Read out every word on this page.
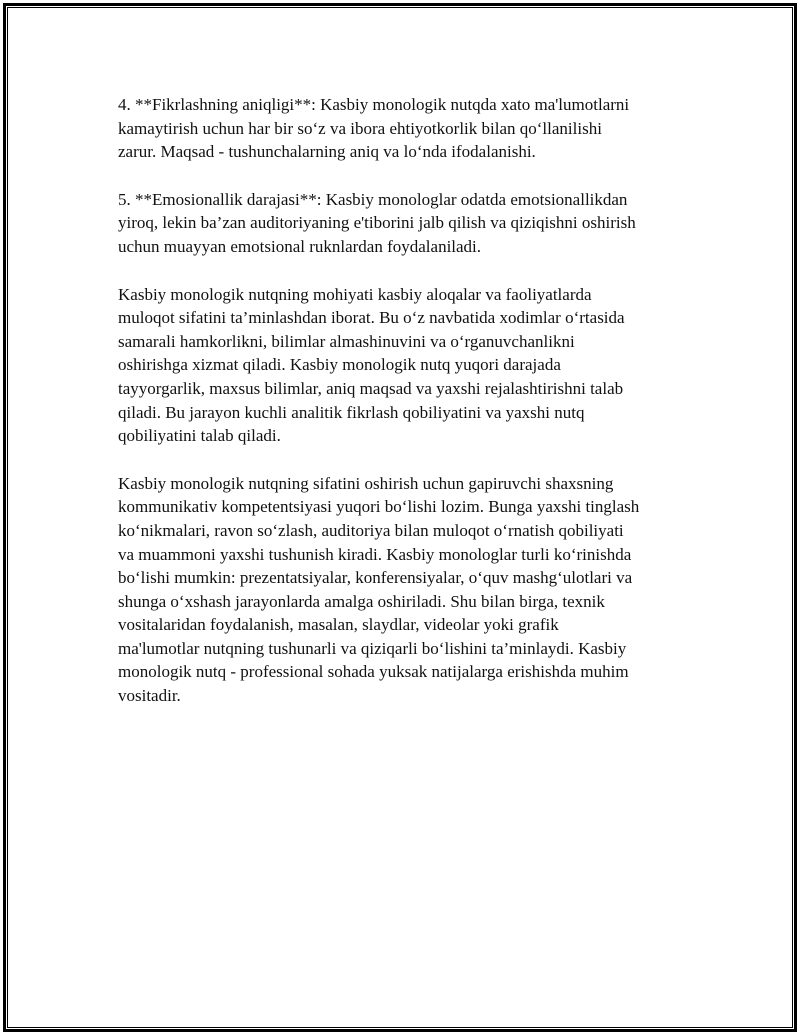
4. **Fikrlashning aniqligi**: Kasbiy monologik nutqda xato ma'lumotlarni
kamaytirish uchun har bir so‘z va ibora ehtiyotkorlik bilan qo‘llanilishi
zarur. Maqsad - tushunchalarning aniq va lo‘nda ifodalanishi.

5. **Emosionallik darajasi**: Kasbiy monologlar odatda emotsionallikdan
yiroq, lekin ba’zan auditoriyaning e'tiborini jalb qilish va qiziqishni oshirish
uchun muayyan emotsional ruknlardan foydalaniladi.

Kasbiy monologik nutqning mohiyati kasbiy aloqalar va faoliyatlarda
muloqot sifatini ta’minlashdan iborat. Bu o‘z navbatida xodimlar o‘rtasida
samarali hamkorlikni, bilimlar almashinuvini va o‘rganuvchanlikni
oshirishga xizmat qiladi. Kasbiy monologik nutq yuqori darajada
tayyorgarlik, maxsus bilimlar, aniq maqsad va yaxshi rejalashtirishni talab
qiladi. Bu jarayon kuchli analitik fikrlash qobiliyatini va yaxshi nutq
qobiliyatini talab qiladi.

Kasbiy monologik nutqning sifatini oshirish uchun gapiruvchi shaxsning
kommunikativ kompetentsiyasi yuqori bo‘lishi lozim. Bunga yaxshi tinglash
ko‘nikmalari, ravon so‘zlash, auditoriya bilan muloqot o‘rnatish qobiliyati
va muammoni yaxshi tushunish kiradi. Kasbiy monologlar turli ko‘rinishda
bo‘lishi mumkin: prezentatsiyalar, konferensiyalar, o‘quv mashg‘ulotlari va
shunga o‘xshash jarayonlarda amalga oshiriladi. Shu bilan birga, texnik
vositalaridan foydalanish, masalan, slaydlar, videolar yoki grafik
ma'lumotlar nutqning tushunarli va qiziqarli bo‘lishini ta’minlaydi. Kasbiy
monologik nutq - professional sohada yuksak natijalarga erishishda muhim
vositadir.
